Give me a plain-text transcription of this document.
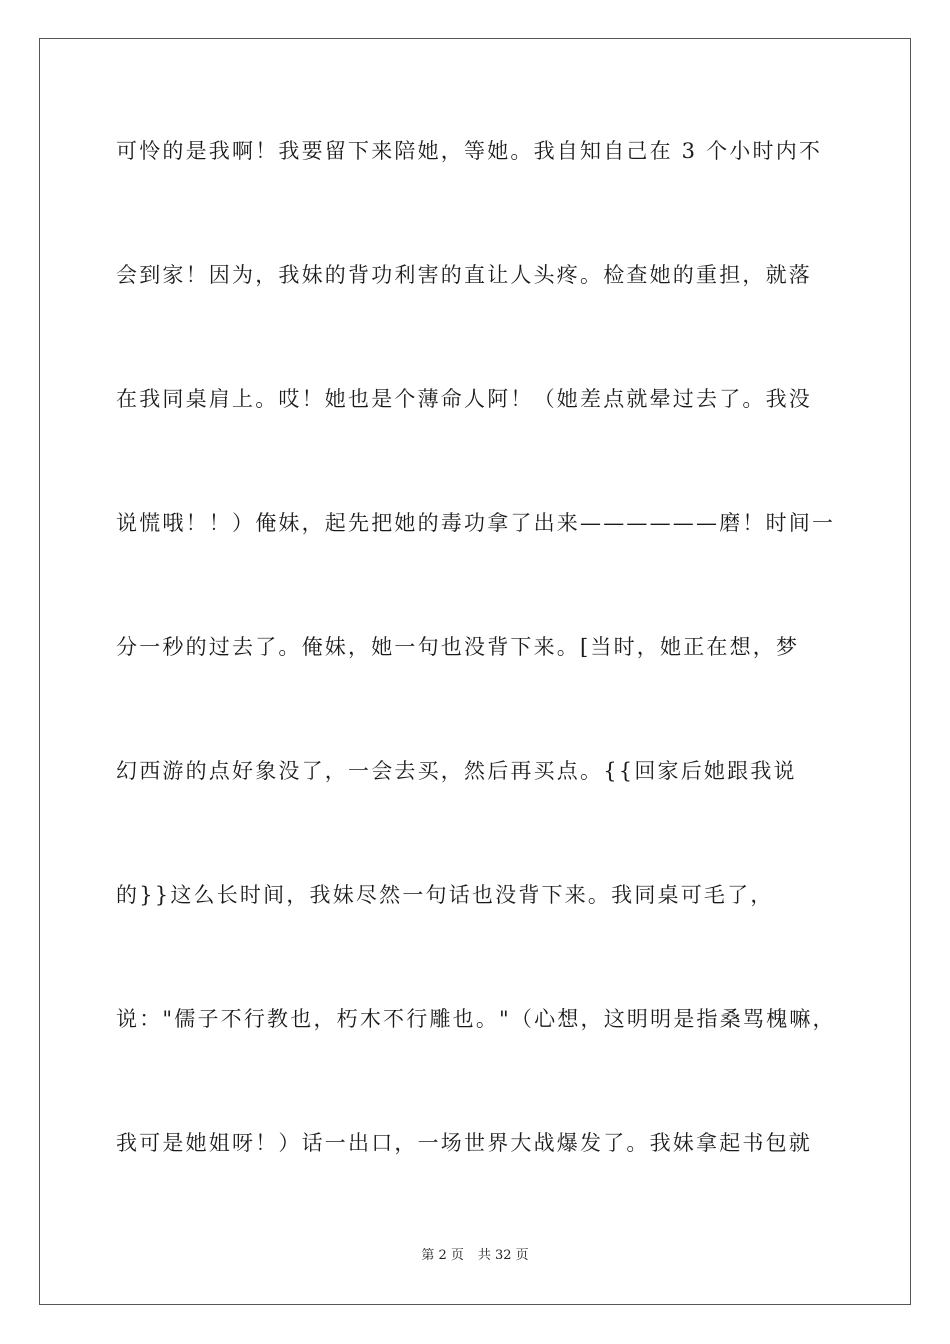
可怜的是我啊！我要留下来陪她，等她。我自知自己在 3 个小时内不
会到家！因为，我妹的背功利害的直让人头疼。检查她的重担，就落
在我同桌肩上。哎！她也是个薄命人阿！（她差点就晕过去了。我没
说慌哦！！）俺妹，起先把她的毒功拿了出来——————磨！时间一
分一秒的过去了。俺妹，她一句也没背下来。[当时，她正在想，梦
幻西游的点好象没了，一会去买，然后再买点。{{回家后她跟我说
的}}这么长时间，我妹尽然一句话也没背下来。我同桌可毛了，
说："儒子不行教也，朽木不行雕也。"（心想，这明明是指桑骂槐嘛，
我可是她姐呀！）话一出口，一场世界大战爆发了。我妹拿起书包就
第 2 页 共 32 页
